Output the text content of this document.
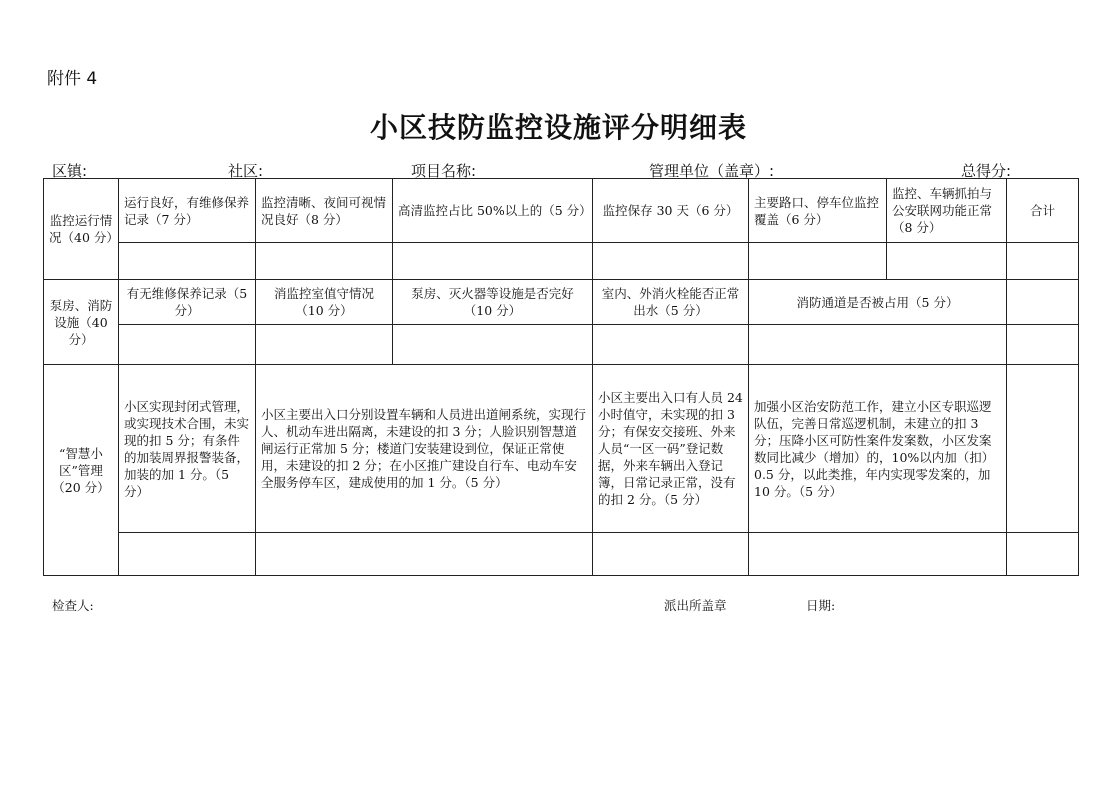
附件 4
小区技防监控设施评分明细表
区镇:	社区:	项目名称:	管理单位（盖章）:	总得分:
监控运行情况（40 分）	运行良好，有维修保养记录（7 分）	监控清晰、夜间可视情况良好（8 分）	高清监控占比 50%以上的（5 分）	监控保存 30 天（6 分）	主要路口、停车位监控覆盖（6 分）	监控、车辆抓拍与公安联网功能正常（8 分）	合计

泵房、消防设施（40 分）	有无维修保养记录（5 分）	消监控室值守情况（10 分）	泵房、灭火器等设施是否完好（10 分）	室内、外消火栓能否正常出水（5 分）	消防通道是否被占用（5 分）		

“智慧小区”管理（20 分）	小区实现封闭式管理，或实现技术合围，未实现的扣 5 分；有条件的加装周界报警装备，加装的加 1 分。（5 分）	小区主要出入口分别设置车辆和人员进出道闸系统，实现行人、机动车进出隔离，未建设的扣 3 分；人脸识别智慧道闸运行正常加 5 分；楼道门安装建设到位，保证正常使用，未建设的扣 2 分；在小区推广建设自行车、电动车安全服务停车区，建成使用的加 1 分。（5 分）		小区主要出入口有人员 24 小时值守，未实现的扣 3 分；有保安交接班、外来人员“一区一码”登记数据，外来车辆出入登记簿，日常记录正常，没有的扣 2 分。（5 分）	加强小区治安防范工作，建立小区专职巡逻队伍，完善日常巡逻机制，未建立的扣 3 分；压降小区可防性案件发案数，小区发案数同比减少（增加）的，10%以内加（扣）0.5 分，以此类推，年内实现零发案的，加 10 分。（5 分）		

检查人:	派出所盖章	日期:
